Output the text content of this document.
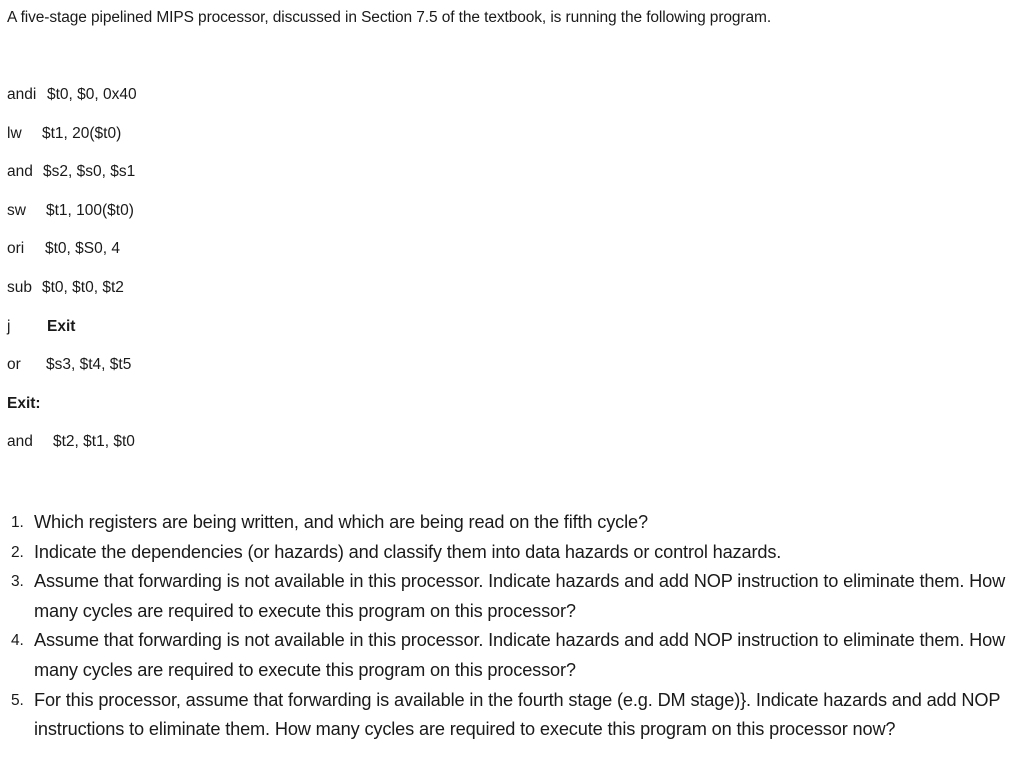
A five-stage pipelined MIPS processor, discussed in Section 7.5 of the textbook, is running the following program.
andi $t0, $0, 0x40
lw $t1, 20($t0)
and $s2, $s0, $s1
sw $t1, 100($t0)
ori $t0, $S0, 4
sub $t0, $t0, $t2
j Exit
or $s3, $t4, $t5
Exit:
and $t2, $t1, $t0
1. Which registers are being written, and which are being read on the fifth cycle?
2. Indicate the dependencies (or hazards) and classify them into data hazards or control hazards.
3. Assume that forwarding is not available in this processor. Indicate hazards and add NOP instruction to eliminate them. How many cycles are required to execute this program on this processor?
4. Assume that forwarding is not available in this processor. Indicate hazards and add NOP instruction to eliminate them. How many cycles are required to execute this program on this processor?
5. For this processor, assume that forwarding is available in the fourth stage (e.g. DM stage)}. Indicate hazards and add NOP instructions to eliminate them. How many cycles are required to execute this program on this processor now?
